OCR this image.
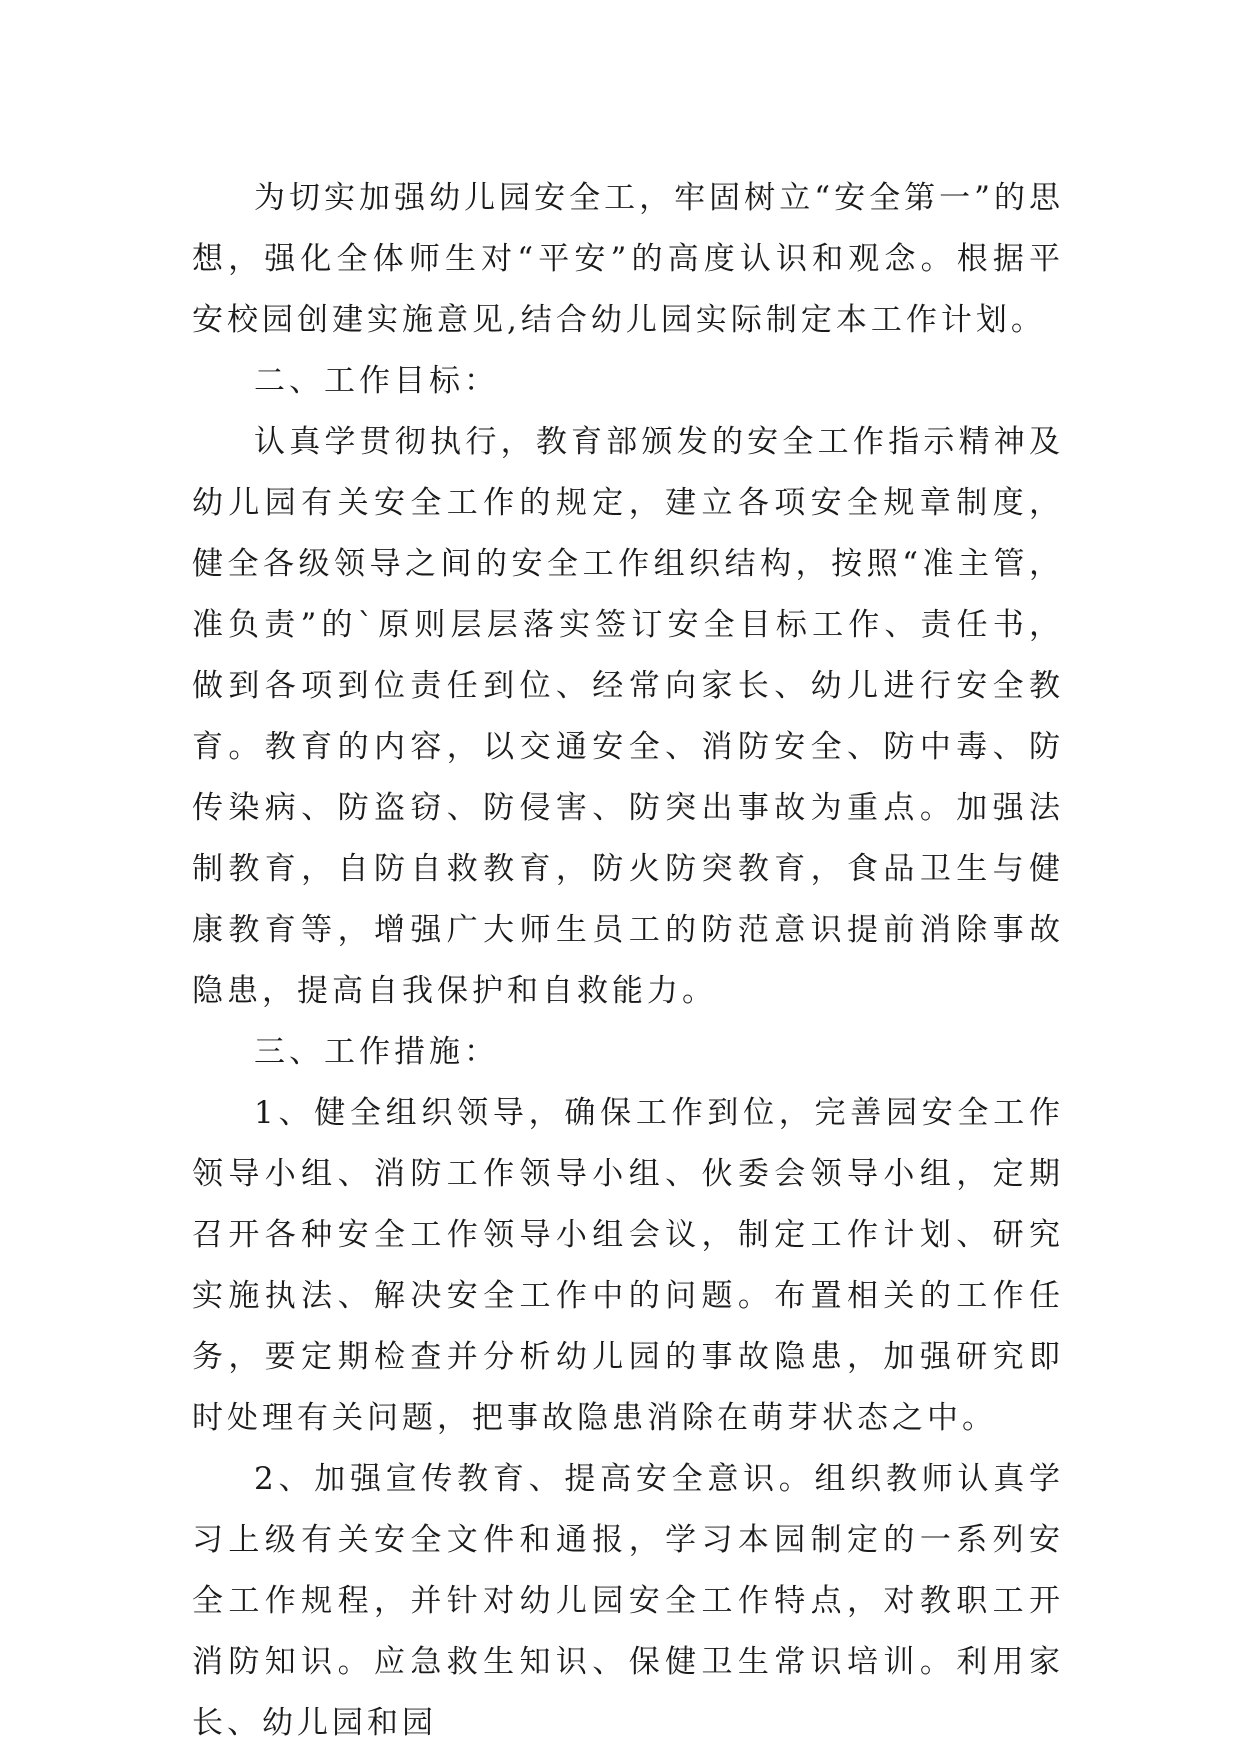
为切实加强幼儿园安全工，牢固树立“安全第一”的思想，强化全体师生对“平安”的高度认识和观念。根据平安校园创建实施意见,结合幼儿园实际制定本工作计划。

二、工作目标：

认真学贯彻执行，教育部颁发的安全工作指示精神及幼儿园有关安全工作的规定，建立各项安全规章制度，健全各级领导之间的安全工作组织结构，按照“准主管，准负责”的`原则层层落实签订安全目标工作、责任书，做到各项到位责任到位、经常向家长、幼儿进行安全教育。教育的内容，以交通安全、消防安全、防中毒、防传染病、防盗窃、防侵害、防突出事故为重点。加强法制教育，自防自救教育，防火防突教育，食品卫生与健康教育等，增强广大师生员工的防范意识提前消除事故隐患，提高自我保护和自救能力。

三、工作措施：

1、健全组织领导，确保工作到位，完善园安全工作领导小组、消防工作领导小组、伙委会领导小组，定期召开各种安全工作领导小组会议，制定工作计划、研究实施执法、解决安全工作中的问题。布置相关的工作任务，要定期检查并分析幼儿园的事故隐患，加强研究即时处理有关问题，把事故隐患消除在萌芽状态之中。

2、加强宣传教育、提高安全意识。组织教师认真学习上级有关安全文件和通报，学习本园制定的一系列安全工作规程，并针对幼儿园安全工作特点，对教职工开消防知识。应急救生知识、保健卫生常识培训。利用家长、幼儿园和园
